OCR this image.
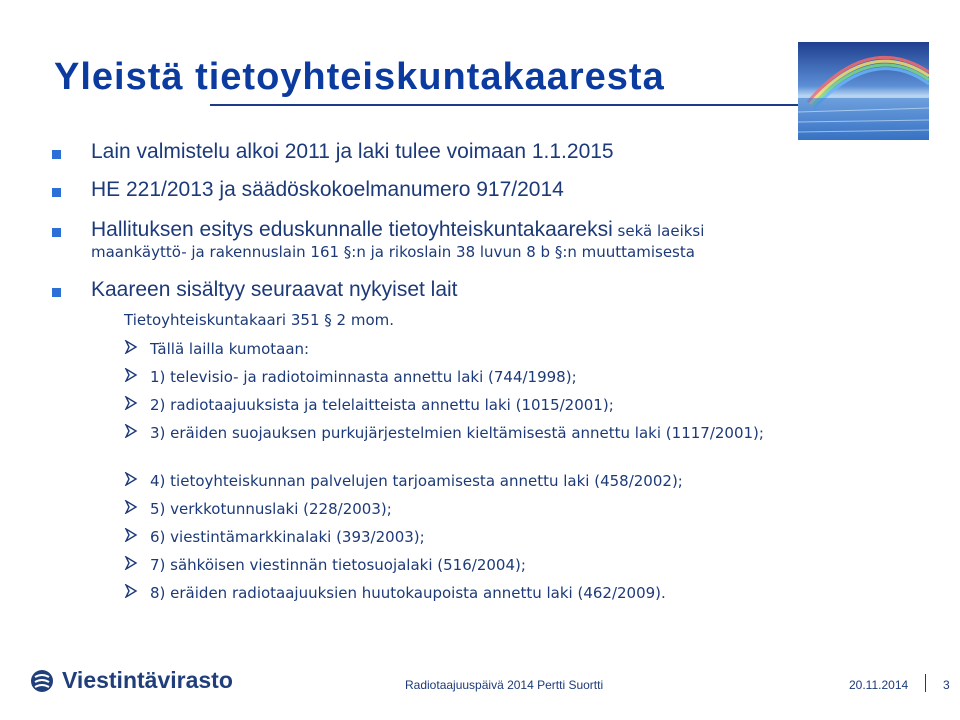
Yleistä tietoyhteiskuntakaaresta
Lain valmistelu alkoi 2011 ja laki tulee voimaan 1.1.2015
HE 221/2013 ja säädöskokoelmanumero 917/2014
Hallituksen esitys eduskunnalle tietoyhteiskuntakaareksi sekä laeiksi
maankäyttö- ja rakennuslain 161 §:n ja rikoslain 38 luvun 8 b §:n muuttamisesta
Kaareen sisältyy seuraavat nykyiset lait
Tietoyhteiskuntakaari 351 § 2 mom.
Tällä lailla kumotaan:
1) televisio- ja radiotoiminnasta annettu laki (744/1998);
2) radiotaajuuksista ja telelaitteista annettu laki (1015/2001);
3) eräiden suojauksen purkujärjestelmien kieltämisestä annettu laki (1117/2001);
4) tietoyhteiskunnan palvelujen tarjoamisesta annettu laki (458/2002);
5) verkkotunnuslaki (228/2003);
6) viestintämarkkinalaki (393/2003);
7) sähköisen viestinnän tietosuojalaki (516/2004);
8) eräiden radiotaajuuksien huutokaupoista annettu laki (462/2009).
Viestintävirasto	Radiotaajuuspäivä 2014 Pertti Suortti	20.11.2014	3
